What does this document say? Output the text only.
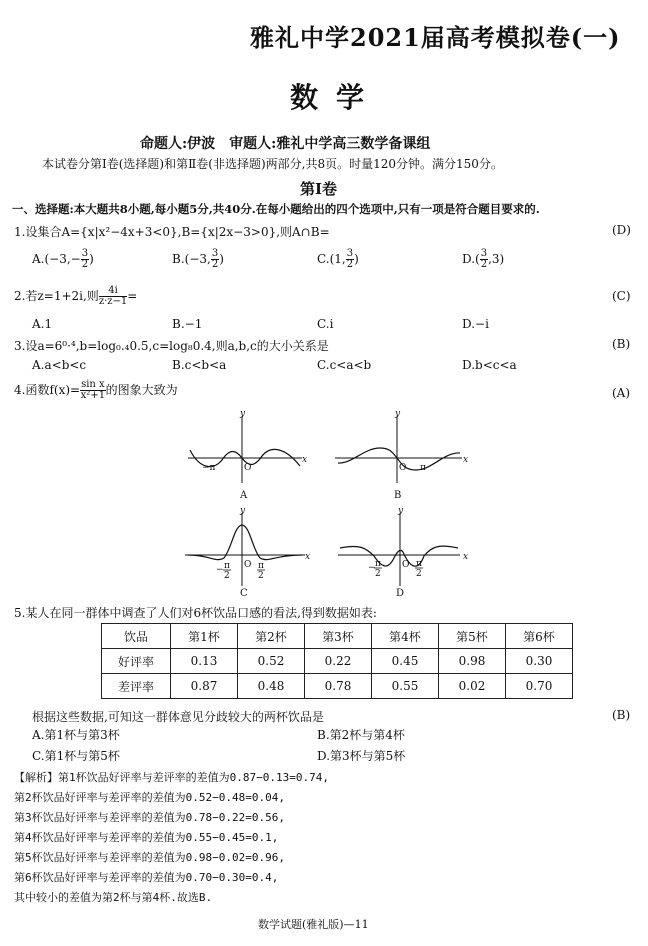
雅礼中学2021届高考模拟卷(一)
数学
命题人:伊波　审题人:雅礼中学高三数学备课组
本试卷分第Ⅰ卷(选择题)和第Ⅱ卷(非选择题)两部分,共8页。时量120分钟。满分150分。
第Ⅰ卷
一、选择题:本大题共8小题,每小题5分,共40分.在每小题给出的四个选项中,只有一项是符合题目要求的.
1.设集合A={x|x²−4x+3<0},B={x|2x−3>0},则A∩B=	(D)
$A.(-3,- \frac{3}{2}$ )	B.(−3, $\frac{3}{2}$ )	C.(1, $\frac{3}{2}$ )	$D.( \frac{3}{2} ,3)$
2.若z=1+2i,则 $\frac{4i}{z\cdot z-1}$ =	(C)
A.1	B.−1	C.i	D.−i
3.设a=6⁰·⁴,b=log₀.₄0.5,c=log₈0.4,则a,b,c的大小关系是	(B)
A.a<b<c	B.c<b<a	C.c<a<b	D.b<c<a
4.函数$f(x)= \frac{\text{sin x}}{\text{x²+1}}$ 的图象大致为	(A)
y
−π	O
x
A
y
O π
x
B
y
O
x
π
2
−	π
2
C
y
O
x
π
2
−	π
2
D
5.某人在同一群体中调查了人们对6杯饮品口感的看法,得到数据如表:
饮品	第1杯	第2杯	第3杯	第4杯	第5杯	第6杯
好评率	0.13	0.52	0.22	0.45	0.98	0.30
差评率	0.87	0.48	0.78	0.55	0.02	0.70
根据这些数据,可知这一群体意见分歧较大的两杯饮品是	(B)
A.第1杯与第3杯	B.第2杯与第4杯
C.第1杯与第5杯	D.第3杯与第5杯
【解析】第1杯饮品好评率与差评率的差值为0.87−0.13=0.74,
第2杯饮品好评率与差评率的差值为0.52−0.48=0.04,
第3杯饮品好评率与差评率的差值为0.78−0.22=0.56,
第4杯饮品好评率与差评率的差值为0.55−0.45=0.1,
第5杯饮品好评率与差评率的差值为0.98−0.02=0.96,
第6杯饮品好评率与差评率的差值为0.70−0.30=0.4,
其中较小的差值为第2杯与第4杯.故选B.
数学试题(雅礼版)—11
